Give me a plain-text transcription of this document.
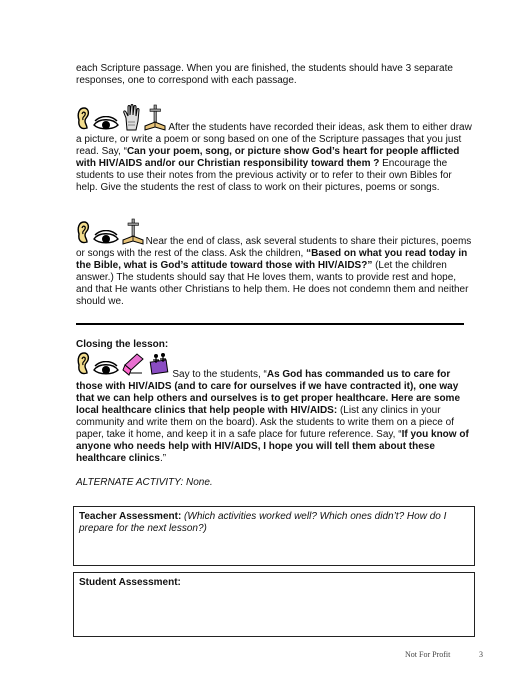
each Scripture passage. When you are finished, the students should have 3 separate responses, one to correspond with each passage.

After the students have recorded their ideas, ask them to either draw a picture, or write a poem or song based on one of the Scripture passages that you just read. Say, “Can your poem, song, or picture show God’s heart for people afflicted with HIV/AIDS and/or our Christian responsibility toward them ? Encourage the students to use their notes from the previous activity or to refer to their own Bibles for help. Give the students the rest of class to work on their pictures, poems or songs.

Near the end of class, ask several students to share their pictures, poems or songs with the rest of the class. Ask the children, “Based on what you read today in the Bible, what is God’s attitude toward those with HIV/AIDS?” (Let the children answer.) The students should say that He loves them, wants to provide rest and hope, and that He wants other Christians to help them. He does not condemn them and neither should we.

Closing the lesson:

Say to the students, “As God has commanded us to care for those with HIV/AIDS (and to care for ourselves if we have contracted it), one way that we can help others and ourselves is to get proper healthcare. Here are some local healthcare clinics that help people with HIV/AIDS: (List any clinics in your community and write them on the board). Ask the students to write them on a piece of paper, take it home, and keep it in a safe place for future reference. Say, “If you know of anyone who needs help with HIV/AIDS, I hope you will tell them about these healthcare clinics.”

ALTERNATE ACTIVITY: None.

Teacher Assessment: (Which activities worked well? Which ones didn’t? How do I prepare for the next lesson?)

Student Assessment:

Not For Profit	3
